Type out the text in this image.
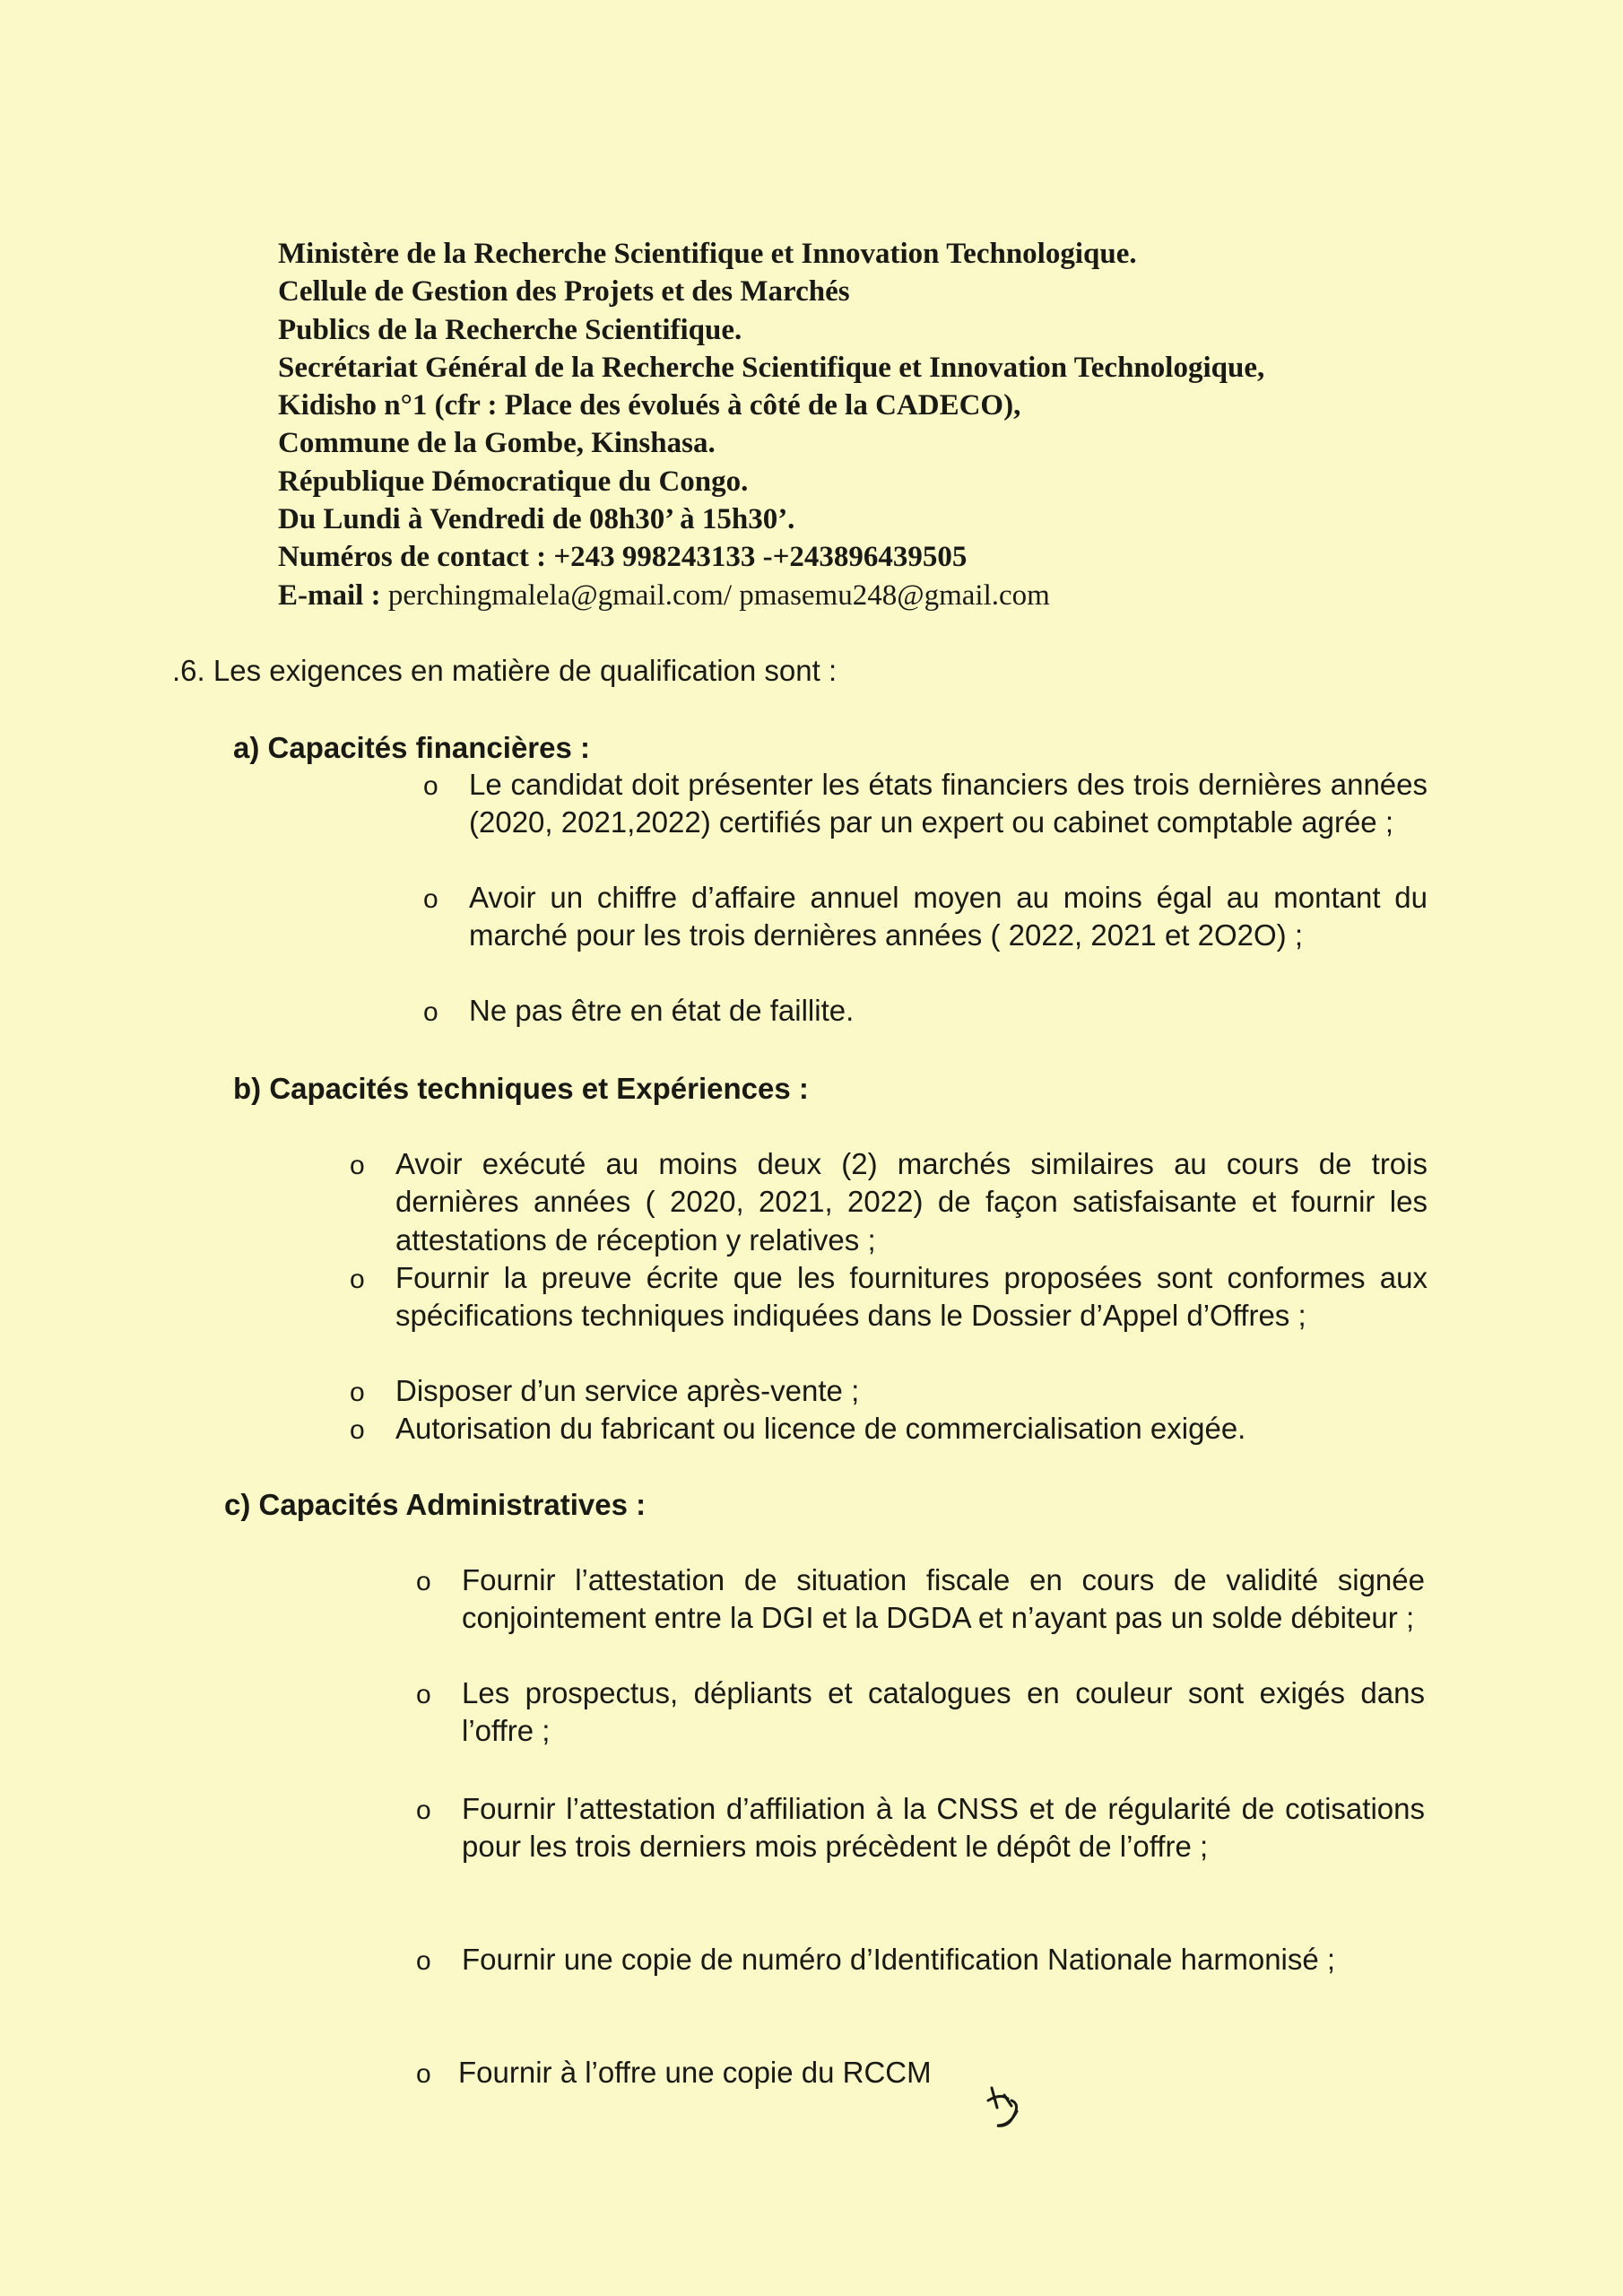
Ministère de la Recherche Scientifique et Innovation Technologique.
Cellule de Gestion des Projets et des Marchés
Publics de la Recherche Scientifique.
Secrétariat Général de la Recherche Scientifique et Innovation Technologique,
Kidisho n°1 (cfr : Place des évolués à côté de la CADECO),
Commune de la Gombe, Kinshasa.
République Démocratique du Congo.
Du Lundi à Vendredi de 08h30’ à 15h30’.
Numéros de contact : +243 998243133 -+243896439505
E-mail : perchingmalela@gmail.com/ pmasemu248@gmail.com
.6. Les exigences en matière de qualification sont :
a) Capacités financières :
o Le candidat doit présenter les états financiers des trois dernières années (2020, 2021,2022) certifiés par un expert ou cabinet comptable agrée ;
o Avoir un chiffre d’affaire annuel moyen au moins égal au montant du marché pour les trois dernières années ( 2022, 2021 et 2O2O) ;
o Ne pas être en état de faillite.
b) Capacités techniques et Expériences :
o Avoir exécuté au moins deux (2) marchés similaires au cours de trois dernières années ( 2020, 2021, 2022) de façon satisfaisante et fournir les attestations de réception y relatives ;
o Fournir la preuve écrite que les fournitures proposées sont conformes aux spécifications techniques indiquées dans le Dossier d’Appel d’Offres ;
o Disposer d’un service après-vente ;
o Autorisation du fabricant ou licence de commercialisation exigée.
c) Capacités Administratives :
o Fournir l’attestation de situation fiscale en cours de validité signée conjointement entre la DGI et la DGDA et n’ayant pas un solde débiteur ;
o Les prospectus, dépliants et catalogues en couleur sont exigés dans l’offre ;
o Fournir l’attestation d’affiliation à la CNSS et de régularité de cotisations pour les trois derniers mois précèdent le dépôt de l’offre ;
o Fournir une copie de numéro d’Identification Nationale harmonisé ;
o Fournir à l’offre une copie du RCCM
